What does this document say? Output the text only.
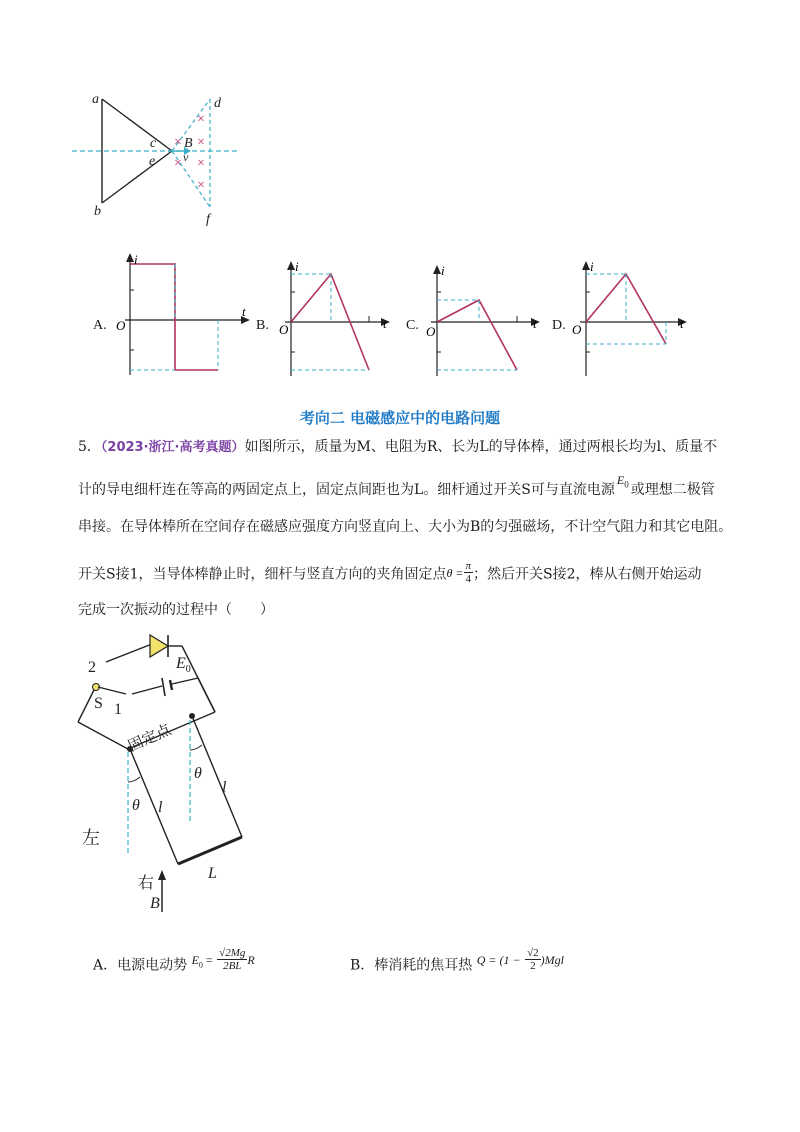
×
×
×
× ×
×
a
b
c
e
d
f
B
v
A.
i
t
O	B.
i
t
O	C.
i
t
O	D.
i
t
O
考向二 电磁感应中的电路问题
5．（2023·浙江·高考真题）如图所示，质量为M、电阻为R、长为L的导体棒，通过两根长均为l、质量不
计的导电细杆连在等高的两固定点上，固定点间距也为L。细杆通过开关S可与直流电源$E_0$ 或理想二极管
串接。在导体棒所在空间存在磁感应强度方向竖直向上、大小为B的匀强磁场，不计空气阻力和其它电阻。
开关S接1，当导体棒静止时，细杆与竖直方向的夹角固定点$\theta = \frac{\pi}{4}$ ；然后开关S接2，棒从右侧开始运动
完成一次振动的过程中（　　）
2
S 1
$E_0$
固定点
θ
θ
l
l
左
右
L
B
A．电源电动势 $E_0 = \frac{√2Mg}{2BL}$ R	B．棒消耗的焦耳热 $Q = (1 - \frac{√2}{2} )Mgl$
